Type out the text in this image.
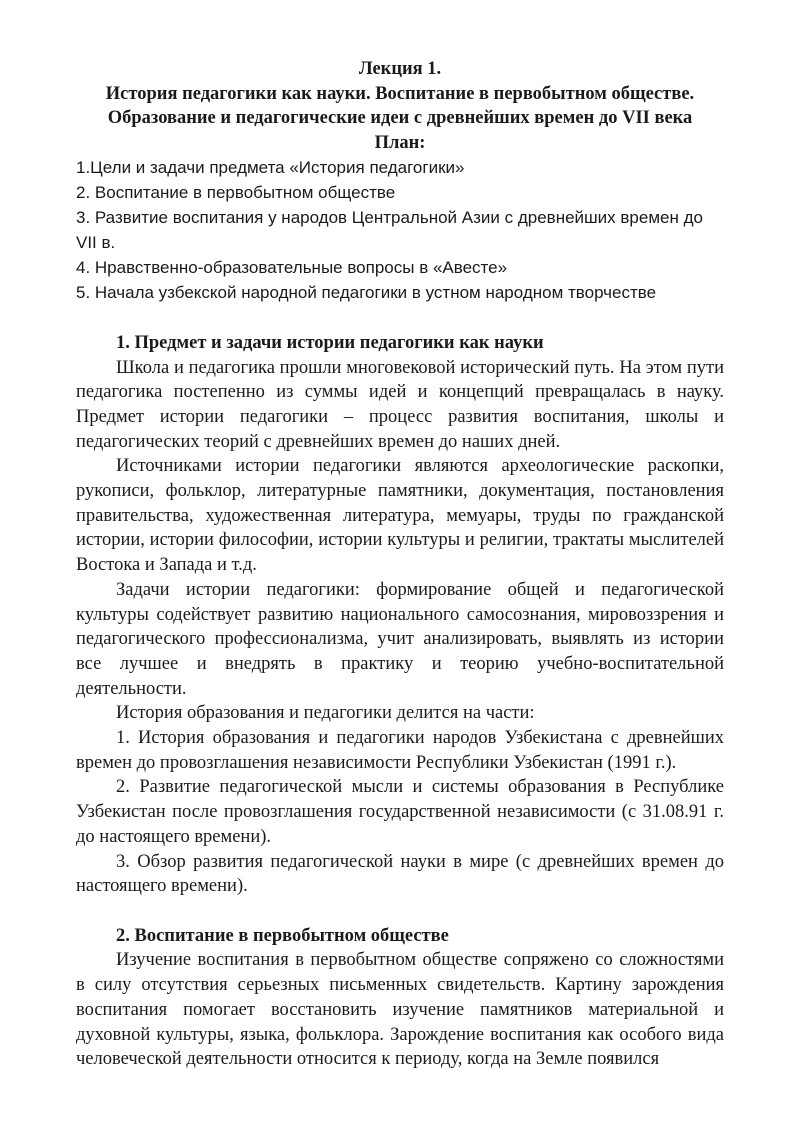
Лекция 1.

История педагогики как науки. Воспитание в первобытном обществе.

Образование и педагогические идеи с древнейших времен до VII века

План:

1.Цели и задачи предмета «История педагогики»
2. Воспитание в первобытном обществе
3. Развитие воспитания у народов Центральной Азии с древнейших времен до VII в.
4. Нравственно-образовательные вопросы в «Авесте»
5. Начала узбекской народной педагогики в устном народном творчестве

1. Предмет и задачи истории педагогики как науки

Школа и педагогика прошли многовековой исторический путь. На этом пути педагогика постепенно из суммы идей и концепций превращалась в науку. Предмет истории педагогики – процесс развития воспитания, школы и педагогических теорий с древнейших времен до наших дней.

Источниками истории педагогики являются археологические раскопки, рукописи, фольклор, литературные памятники, документация, постановления правительства, художественная литература, мемуары, труды по гражданской истории, истории философии, истории культуры и религии, трактаты мыслителей Востока и Запада и т.д.

Задачи истории педагогики: формирование общей и педагогической культуры содействует развитию национального самосознания, мировоззрения и педагогического профессионализма, учит анализировать, выявлять из истории все лучшее и внедрять в практику и теорию учебно-воспитательной деятельности.

История образования и педагогики делится на части:

1. История образования и педагогики народов Узбекистана с древнейших времен до провозглашения независимости Республики Узбекистан (1991 г.).

2. Развитие педагогической мысли и системы образования в Республике Узбекистан после провозглашения государственной независимости (с 31.08.91 г. до настоящего времени).

3. Обзор развития педагогической науки в мире (с древнейших времен до настоящего времени).

2. Воспитание в первобытном обществе

Изучение воспитания в первобытном обществе сопряжено со сложностями в силу отсутствия серьезных письменных свидетельств. Картину зарождения воспитания помогает восстановить изучение памятников материальной и духовной культуры, языка, фольклора. Зарождение воспитания как особого вида человеческой деятельности относится к периоду, когда на Земле появился
